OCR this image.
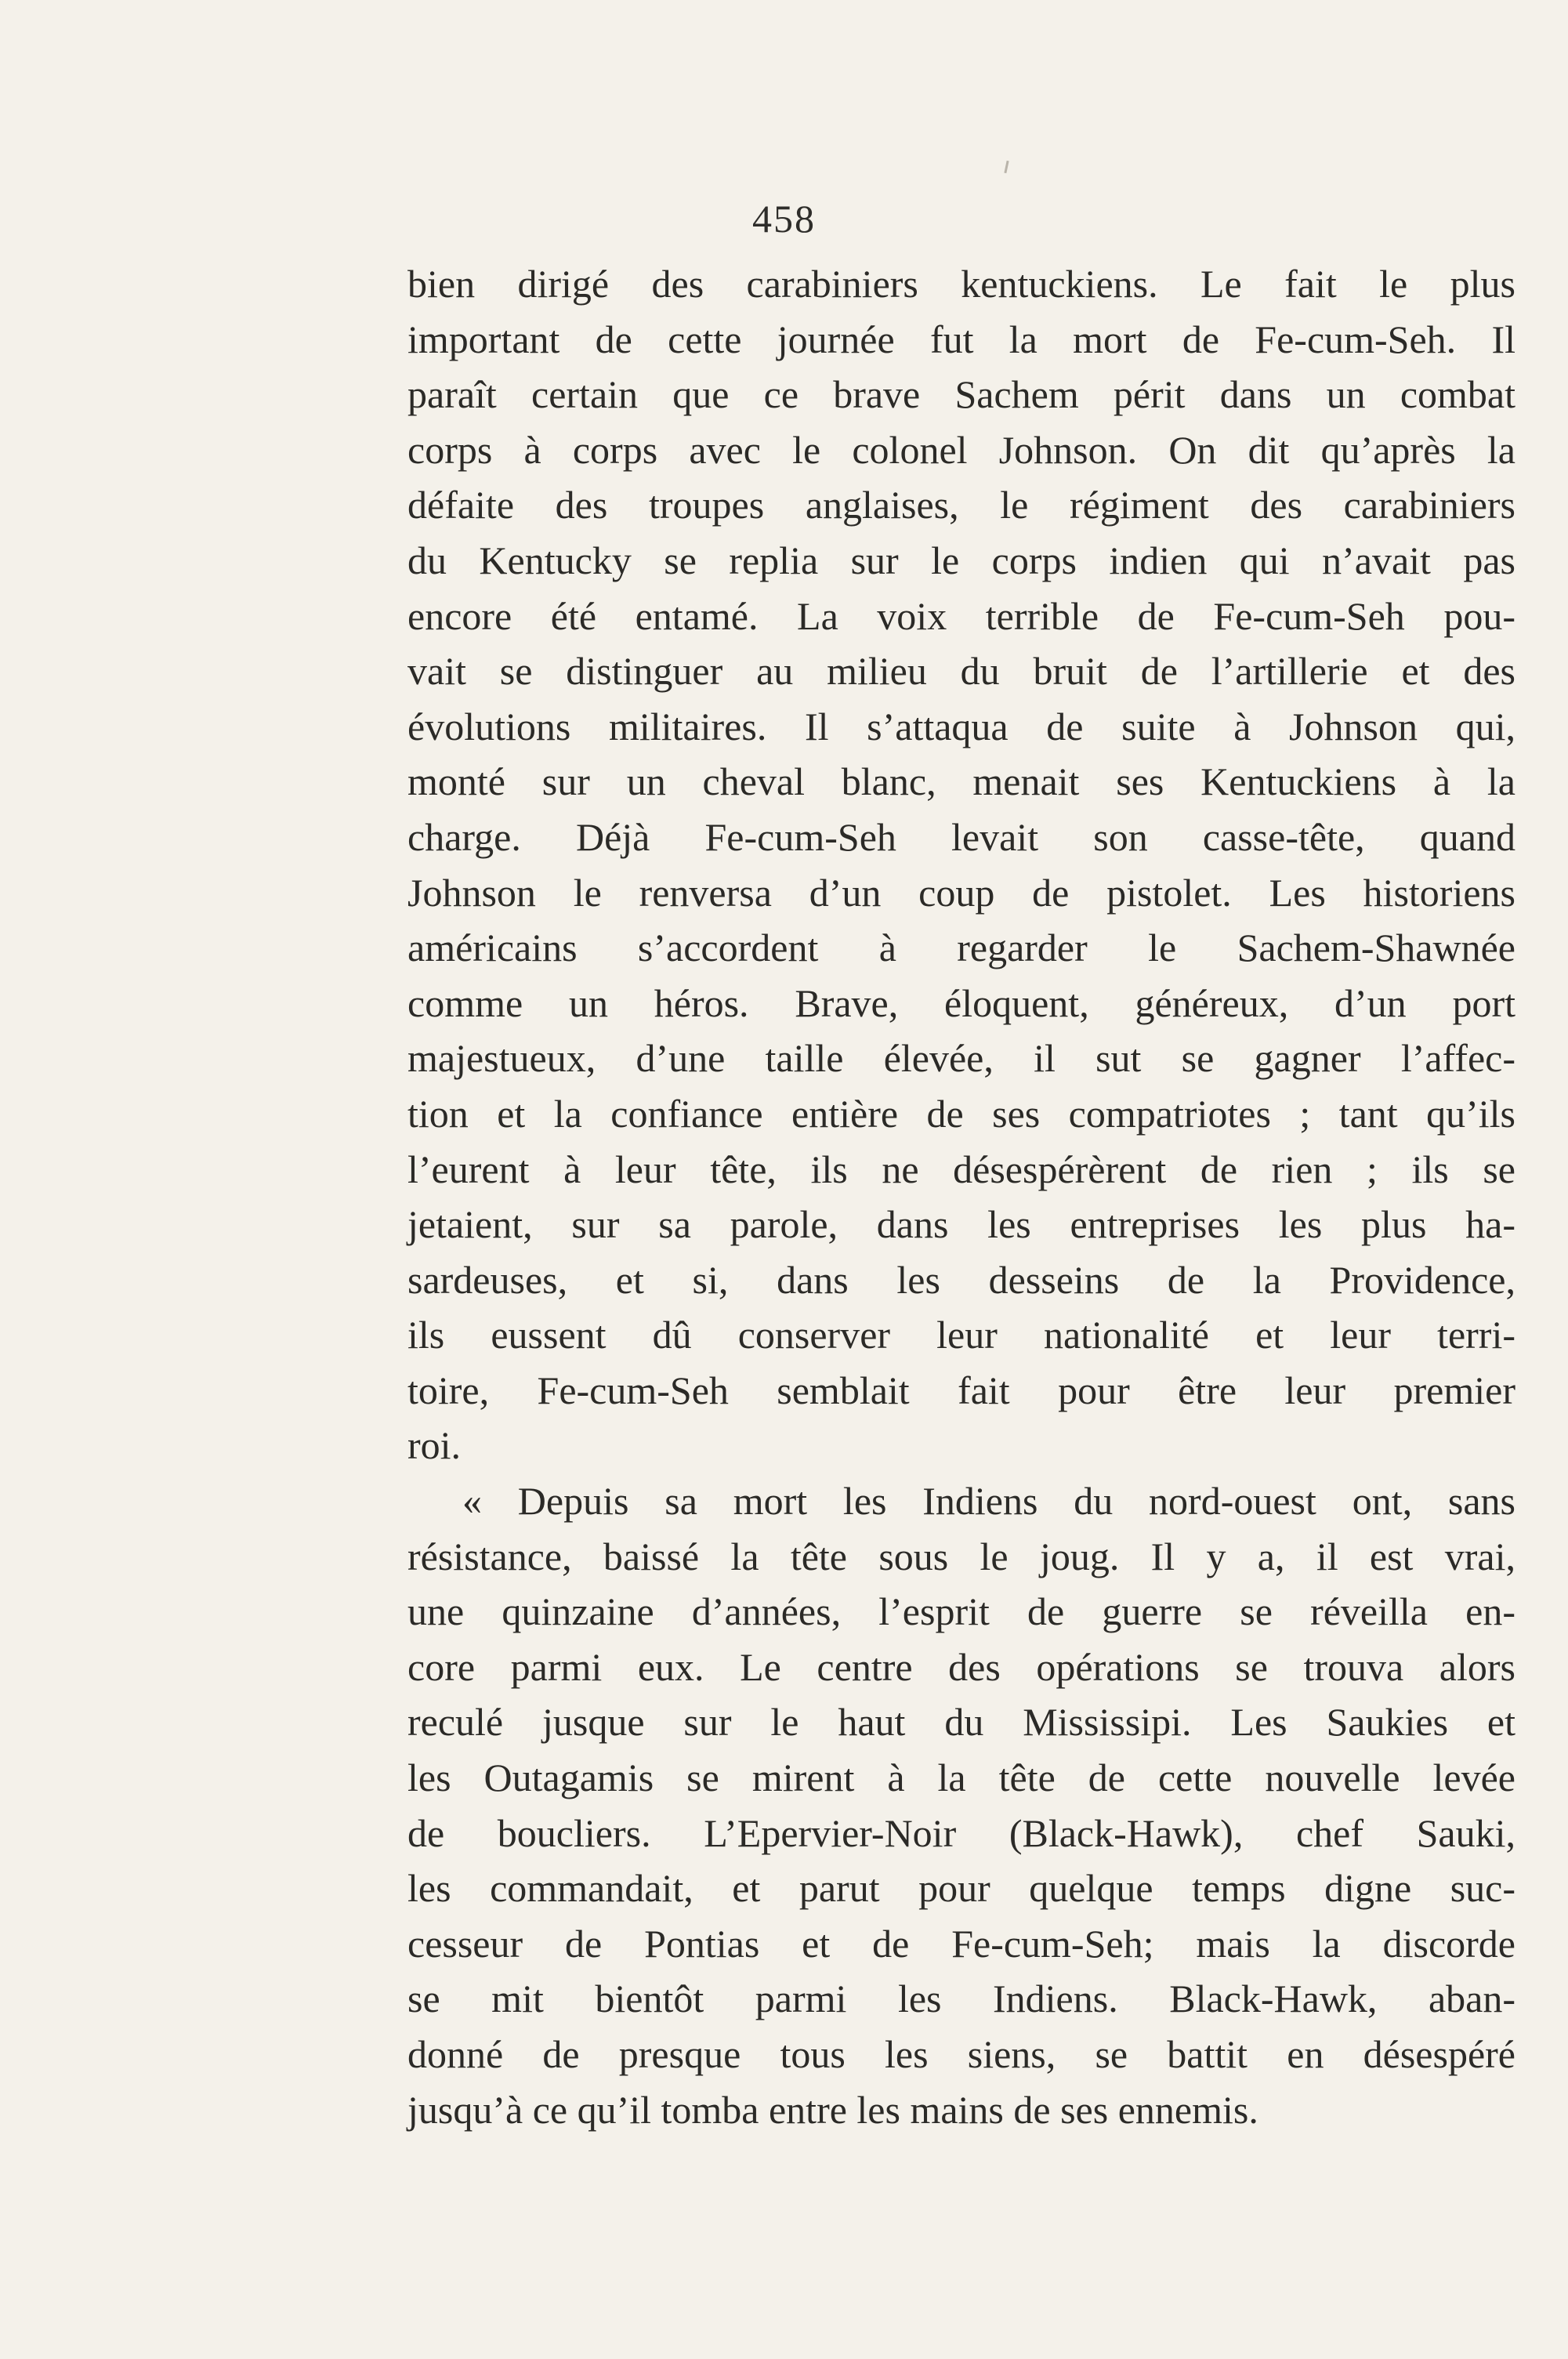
458
bien dirigé des carabiniers kentuckiens. Le fait le plus
important de cette journée fut la mort de Fe-cum-Seh. Il
paraît certain que ce brave Sachem périt dans un combat
corps à corps avec le colonel Johnson. On dit qu’après la
défaite des troupes anglaises, le régiment des carabiniers
du Kentucky se replia sur le corps indien qui n’avait pas
encore été entamé. La voix terrible de Fe-cum-Seh pou-
vait se distinguer au milieu du bruit de l’artillerie et des
évolutions militaires. Il s’attaqua de suite à Johnson qui,
monté sur un cheval blanc, menait ses Kentuckiens à la
charge. Déjà Fe-cum-Seh levait son casse-tête, quand
Johnson le renversa d’un coup de pistolet. Les historiens
américains s’accordent à regarder le Sachem-Shawnée
comme un héros. Brave, éloquent, généreux, d’un port
majestueux, d’une taille élevée, il sut se gagner l’affec-
tion et la confiance entière de ses compatriotes ; tant qu’ils
l’eurent à leur tête, ils ne désespérèrent de rien ; ils se
jetaient, sur sa parole, dans les entreprises les plus ha-
sardeuses, et si, dans les desseins de la Providence,
ils eussent dû conserver leur nationalité et leur terri-
toire, Fe-cum-Seh semblait fait pour être leur premier
roi.
« Depuis sa mort les Indiens du nord-ouest ont, sans
résistance, baissé la tête sous le joug. Il y a, il est vrai,
une quinzaine d’années, l’esprit de guerre se réveilla en-
core parmi eux. Le centre des opérations se trouva alors
reculé jusque sur le haut du Mississipi. Les Saukies et
les Outagamis se mirent à la tête de cette nouvelle levée
de boucliers. L’Epervier-Noir (Black-Hawk), chef Sauki,
les commandait, et parut pour quelque temps digne suc-
cesseur de Pontias et de Fe-cum-Seh; mais la discorde
se mit bientôt parmi les Indiens. Black-Hawk, aban-
donné de presque tous les siens, se battit en désespéré
jusqu’à ce qu’il tomba entre les mains de ses ennemis.
